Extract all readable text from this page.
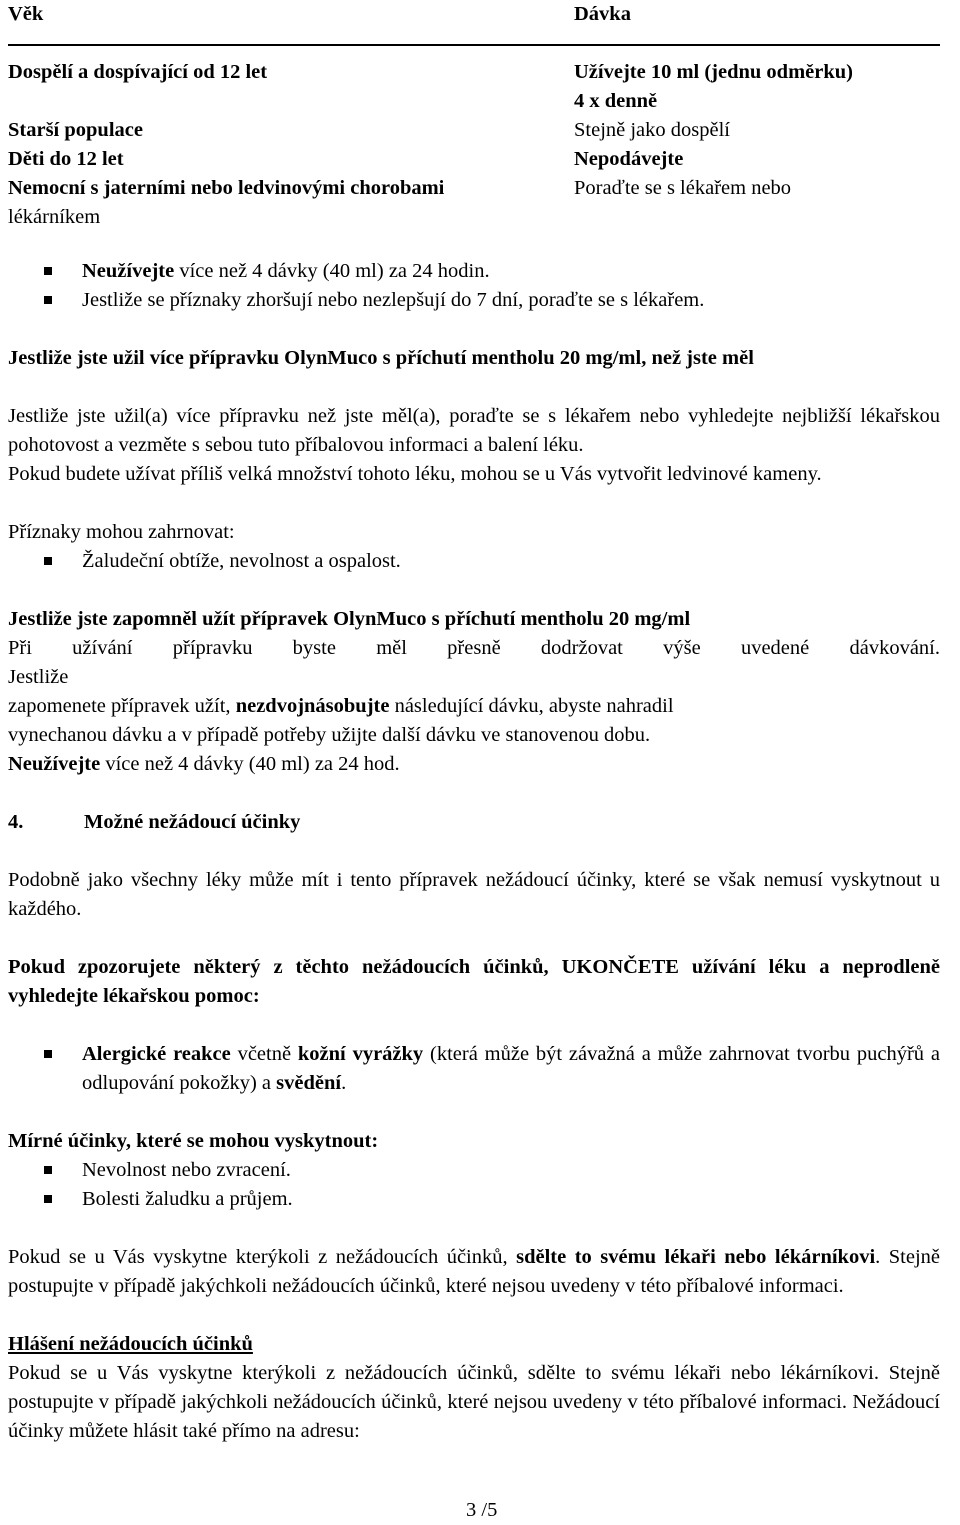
Věk
Dospělí a dospívající od 12 let
Starší populace
Děti do 12 let
Nemocní s jaterními nebo ledvinovými chorobami
lékárníkem
Dávka
Užívejte 10 ml (jednu odměrku)
4 x denně
Stejně jako dospělí
Nepodávejte
Poraďte se s lékařem nebo
Neužívejte více než 4 dávky (40 ml) za 24 hodin.
Jestliže se příznaky zhoršují nebo nezlepšují do 7 dní, poraďte se s lékařem.

Jestliže jste užil více přípravku OlynMuco s příchutí mentholu 20 mg/ml, než jste měl

Jestliže jste užil(a) více přípravku než jste měl(a), poraďte se s lékařem nebo vyhledejte nejbližší lékařskou pohotovost a vezměte s sebou tuto příbalovou informaci a balení léku.

Pokud budete užívat příliš velká množství tohoto léku, mohou se u Vás vytvořit ledvinové kameny.

Příznaky mohou zahrnovat:

Žaludeční obtíže, nevolnost a ospalost.

Jestliže jste zapomněl užít přípravek OlynMuco s příchutí mentholu 20 mg/ml

Při užívání přípravku byste měl přesně dodržovat výše uvedené dávkování.

Jestliže

zapomenete přípravek užít, nezdvojnásobujte následující dávku, abyste nahradil

vynechanou dávku a v případě potřeby užijte další dávku ve stanovenou dobu.

Neužívejte více než 4 dávky (40 ml) za 24 hod.

4.	Možné nežádoucí účinky

Podobně jako všechny léky může mít i tento přípravek nežádoucí účinky, které se však nemusí vyskytnout u každého.

Pokud zpozorujete některý z těchto nežádoucích účinků, UKONČETE užívání léku a neprodleně vyhledejte lékařskou pomoc:

Alergické reakce včetně kožní vyrážky (která může být závažná a může zahrnovat tvorbu puchýřů a odlupování pokožky) a svědění.

Mírné účinky, které se mohou vyskytnout:

Nevolnost nebo zvracení.
Bolesti žaludku a průjem.

Pokud se u Vás vyskytne kterýkoli z nežádoucích účinků, sdělte to svému lékaři nebo lékárníkovi. Stejně postupujte v případě jakýchkoli nežádoucích účinků, které nejsou uvedeny v této příbalové informaci.

Hlášení nežádoucích účinků

Pokud se u Vás vyskytne kterýkoli z nežádoucích účinků, sdělte to svému lékaři nebo lékárníkovi. Stejně postupujte v případě jakýchkoli nežádoucích účinků, které nejsou uvedeny v této příbalové informaci. Nežádoucí účinky můžete hlásit také přímo na adresu:

3 /5
